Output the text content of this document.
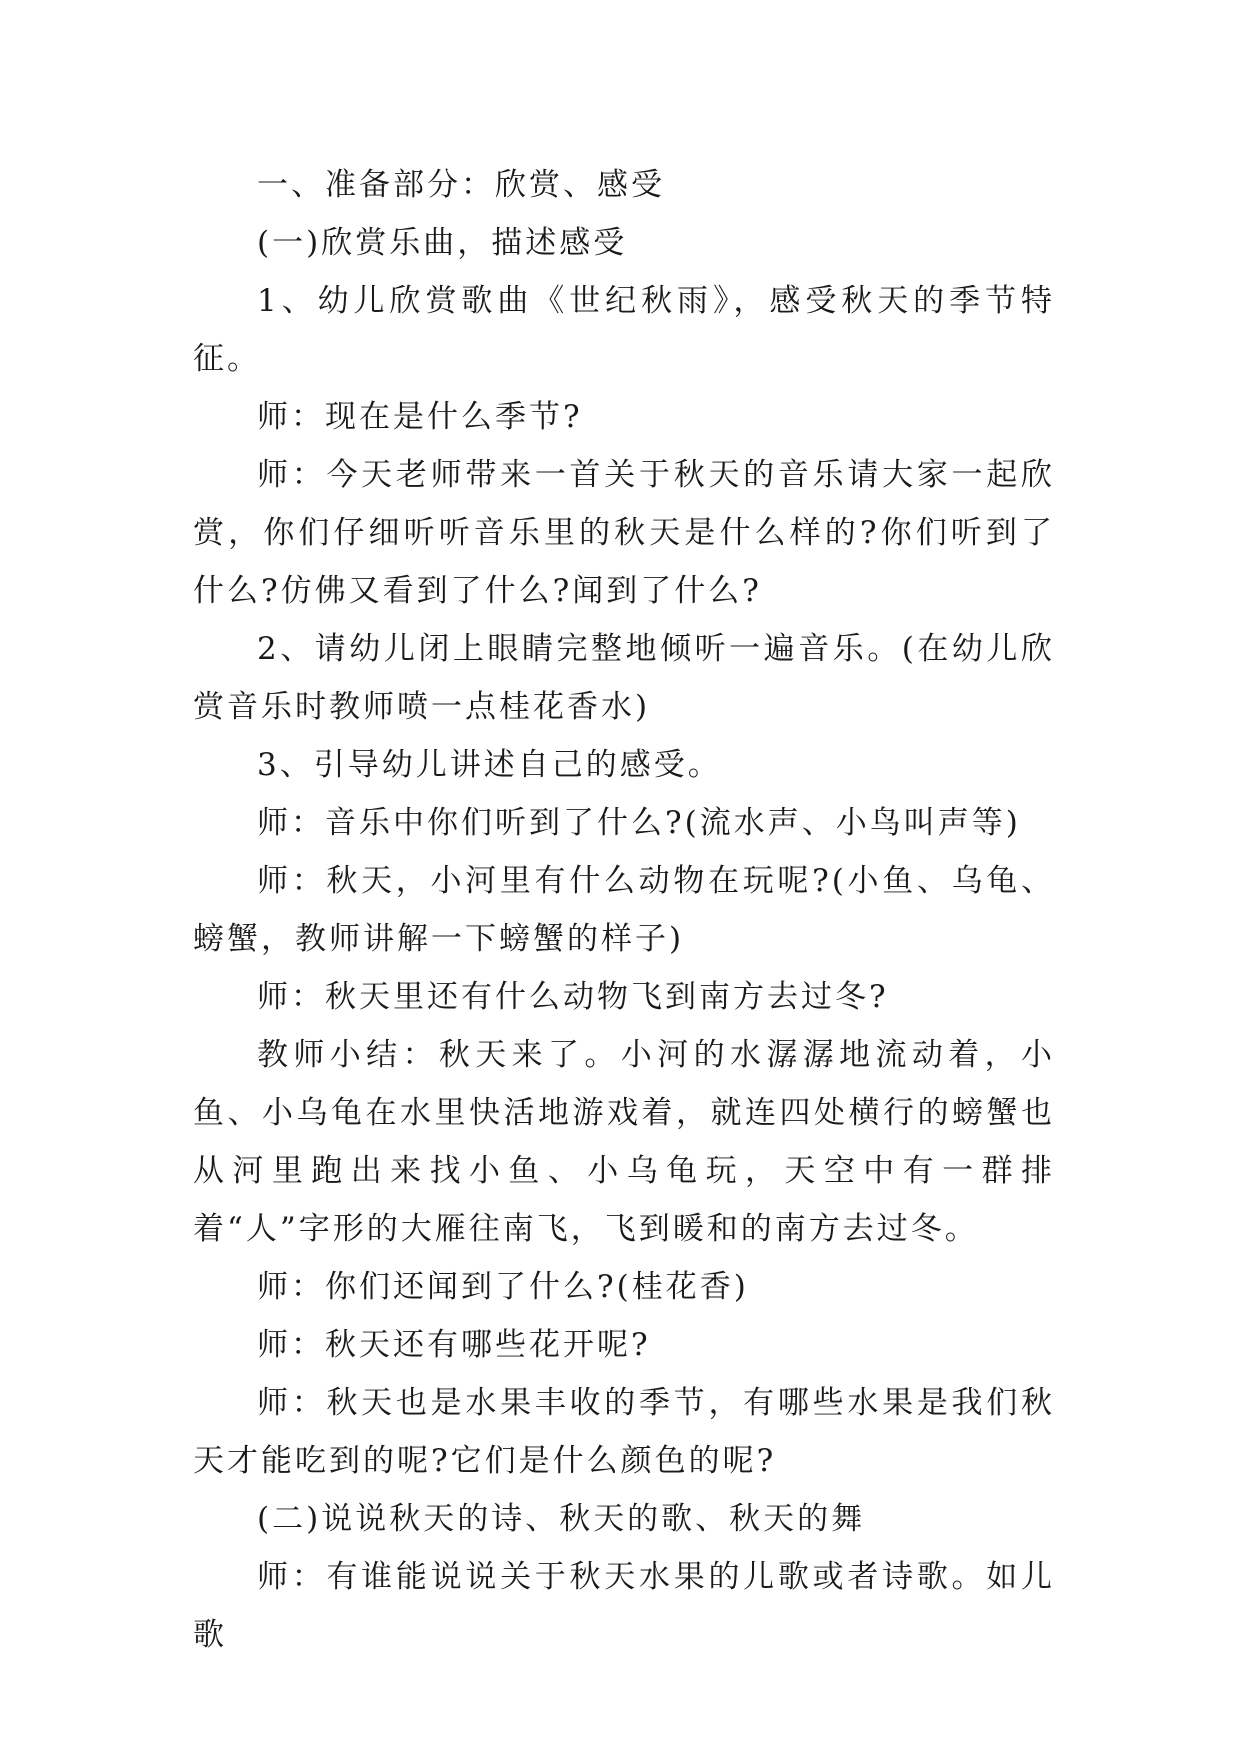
一、准备部分：欣赏、感受

(一)欣赏乐曲，描述感受

1、幼儿欣赏歌曲《世纪秋雨》，感受秋天的季节特征。

师：现在是什么季节?

师：今天老师带来一首关于秋天的音乐请大家一起欣赏，你们仔细听听音乐里的秋天是什么样的?你们听到了什么?仿佛又看到了什么?闻到了什么?

2、请幼儿闭上眼睛完整地倾听一遍音乐。(在幼儿欣赏音乐时教师喷一点桂花香水)

3、引导幼儿讲述自己的感受。

师：音乐中你们听到了什么?(流水声、小鸟叫声等)

师：秋天，小河里有什么动物在玩呢?(小鱼、乌龟、螃蟹，教师讲解一下螃蟹的样子)

师：秋天里还有什么动物飞到南方去过冬?

教师小结：秋天来了。小河的水潺潺地流动着，小鱼、小乌龟在水里快活地游戏着，就连四处横行的螃蟹也从河里跑出来找小鱼、小乌龟玩，天空中有一群排着“人”字形的大雁往南飞，飞到暖和的南方去过冬。

师：你们还闻到了什么?(桂花香)

师：秋天还有哪些花开呢?

师：秋天也是水果丰收的季节，有哪些水果是我们秋天才能吃到的呢?它们是什么颜色的呢?

(二)说说秋天的诗、秋天的歌、秋天的舞

师：有谁能说说关于秋天水果的儿歌或者诗歌。如儿歌
